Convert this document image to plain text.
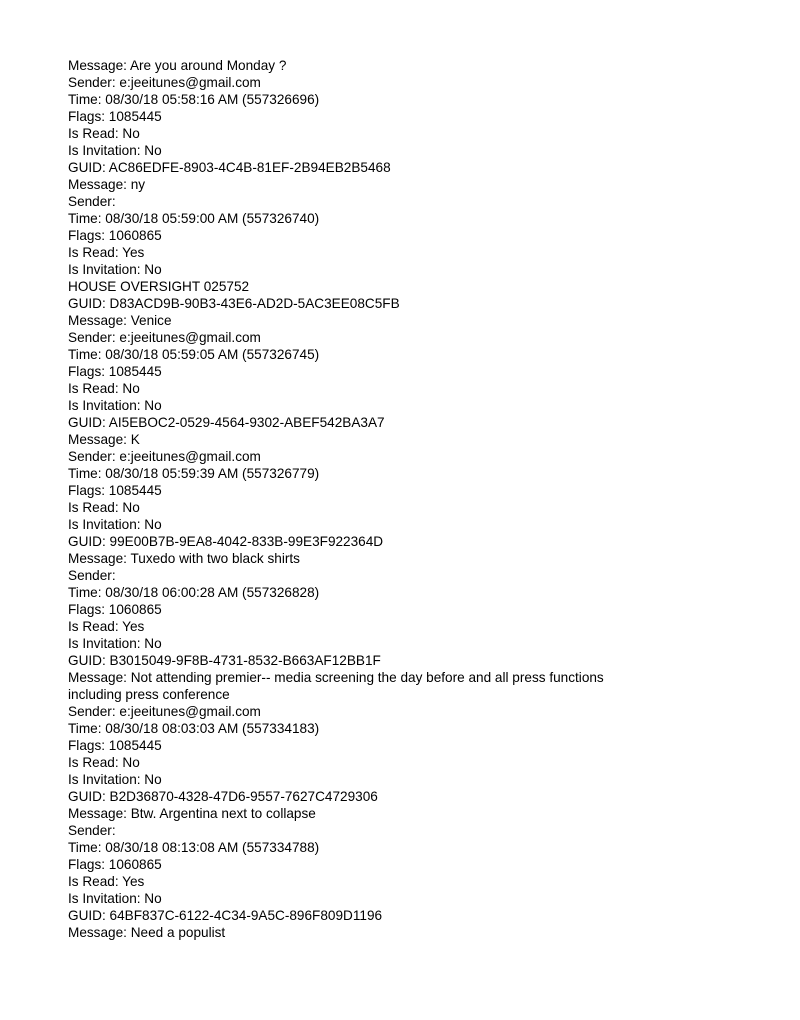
Message: Are you around Monday ?
Sender: e:jeeitunes@gmail.com
Time: 08/30/18 05:58:16 AM (557326696)
Flags: 1085445
Is Read: No
Is Invitation: No
GUID: AC86EDFE-8903-4C4B-81EF-2B94EB2B5468
Message: ny
Sender:
Time: 08/30/18 05:59:00 AM (557326740)
Flags: 1060865
Is Read: Yes
Is Invitation: No
HOUSE OVERSIGHT 025752
GUID: D83ACD9B-90B3-43E6-AD2D-5AC3EE08C5FB
Message: Venice
Sender: e:jeeitunes@gmail.com
Time: 08/30/18 05:59:05 AM (557326745)
Flags: 1085445
Is Read: No
Is Invitation: No
GUID: AI5EBOC2-0529-4564-9302-ABEF542BA3A7
Message: K
Sender: e:jeeitunes@gmail.com
Time: 08/30/18 05:59:39 AM (557326779)
Flags: 1085445
Is Read: No
Is Invitation: No
GUID: 99E00B7B-9EA8-4042-833B-99E3F922364D
Message: Tuxedo with two black shirts
Sender:
Time: 08/30/18 06:00:28 AM (557326828)
Flags: 1060865
Is Read: Yes
Is Invitation: No
GUID: B3015049-9F8B-4731-8532-B663AF12BB1F
Message: Not attending premier-- media screening the day before and all press functions
including press conference
Sender: e:jeeitunes@gmail.com
Time: 08/30/18 08:03:03 AM (557334183)
Flags: 1085445
Is Read: No
Is Invitation: No
GUID: B2D36870-4328-47D6-9557-7627C4729306
Message: Btw. Argentina next to collapse
Sender:
Time: 08/30/18 08:13:08 AM (557334788)
Flags: 1060865
Is Read: Yes
Is Invitation: No
GUID: 64BF837C-6122-4C34-9A5C-896F809D1196
Message: Need a populist
